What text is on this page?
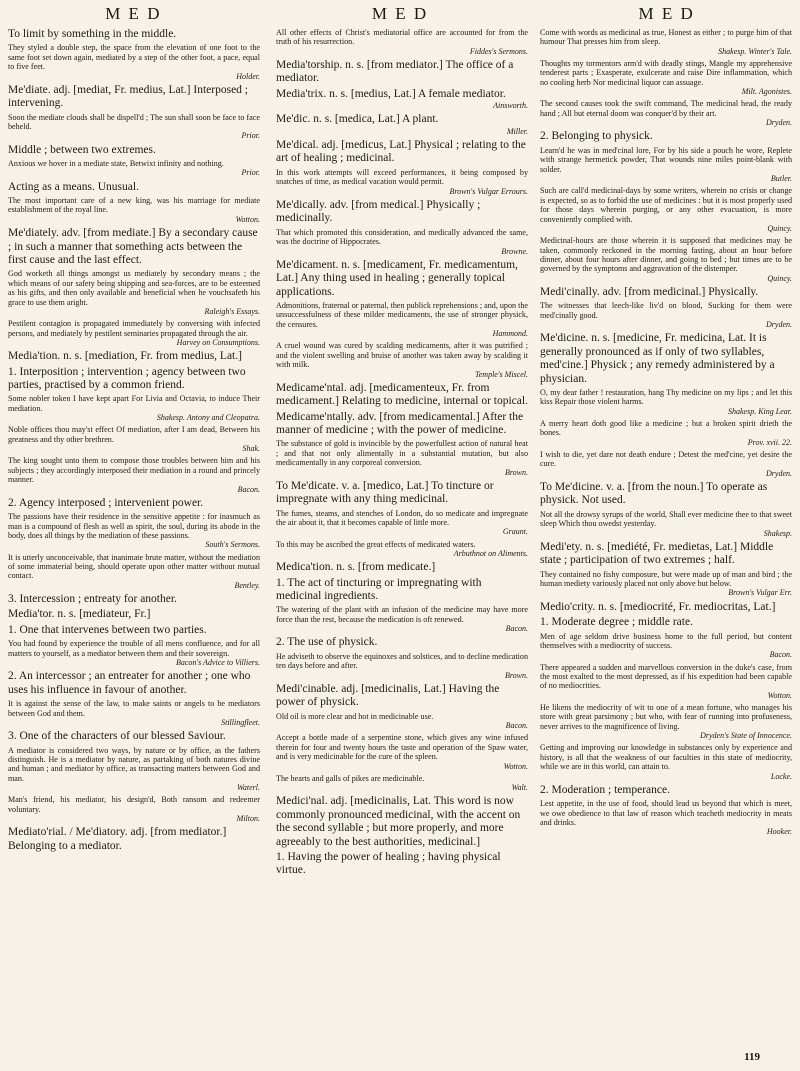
M E D	M E D	M E D

To limit by something in the middle.

They styled a double step, the space from the elevation of one foot to the same foot set down again, mediated by a step of the other foot, a pace, equal to five feet.

Holder.

Me'diate. adj. [mediat, Fr. medius, Lat.] Interposed ; intervening.

Soon the mediate clouds shall be dispell'd ; The sun shall soon be face to face beheld.

Prior.

Middle ; between two extremes.

Anxious we hover in a mediate state, Betwixt infinity and nothing.

Prior.

Acting as a means. Unusual.

The most important care of a new king, was his marriage for mediate establishment of the royal line.

Wotton.

Me'diately. adv. [from mediate.] By a secondary cause ; in such a manner that something acts between the first cause and the last effect.

God worketh all things amongst us mediately by secondary means ; the which means of our safety being shipping and sea-forces, are to be esteemed as his gifts, and then only available and beneficial when he vouchsafeth his grace to use them aright.

Raleigh's Essays.

Pestilent contagion is propagated immediately by conversing with infected persons, and mediately by pestilent seminaries propagated through the air.

Harvey on Consumptions.

Media'tion. n. s. [mediation, Fr. from medius, Lat.]

1. Interposition ; intervention ; agency between two parties, practised by a common friend.

Some nobler token I have kept apart For Livia and Octavia, to induce Their mediation.

Shakesp. Antony and Cleopatra.

Noble offices thou may'st effect Of mediation, after I am dead, Between his greatness and thy other brethren.

Shak.

The king sought unto them to compose those troubles between him and his subjects ; they accordingly interposed their mediation in a round and princely manner.

Bacon.

2. Agency interposed ; intervenient power.

The passions have their residence in the sensitive appetite : for inasmuch as man is a compound of flesh as well as spirit, the soul, during its abode in the body, does all things by the mediation of these passions.

South's Sermons.

It is utterly unconceivable, that inanimate brute matter, without the mediation of some immaterial being, should operate upon other matter without mutual contact.

Bentley.

3. Intercession ; entreaty for another.

Media'tor. n. s. [mediateur, Fr.]

1. One that intervenes between two parties.

You had found by experience the trouble of all mens confluence, and for all matters to yourself, as a mediator between them and their sovereign.

Bacon's Advice to Villiers.

2. An intercessor ; an entreater for another ; one who uses his influence in favour of another.

It is against the sense of the law, to make saints or angels to be mediators between God and them.

Stillingfleet.

3. One of the characters of our blessed Saviour.

A mediator is considered two ways, by nature or by office, as the fathers distinguish. He is a mediator by nature, as partaking of both natures divine and human ; and mediator by office, as transacting matters between God and man.

Waterl.

Man's friend, his mediator, his design'd, Both ransom and redeemer voluntary.

Milton.

Mediato'rial. / Me'diatory. adj. [from mediator.] Belonging to a mediator.

All other effects of Christ's mediatorial office are accounted for from the truth of his resurrection.

Fiddes's Sermons.

Media'torship. n. s. [from mediator.] The office of a mediator.

Media'trix. n. s. [medius, Lat.] A female mediator.

Ainsworth.

Me'dic. n. s. [medica, Lat.] A plant.

Miller.

Me'dical. adj. [medicus, Lat.] Physical ; relating to the art of healing ; medicinal.

In this work attempts will exceed performances, it being composed by snatches of time, as medical vacation would permit.

Brown's Vulgar Errours.

Me'dically. adv. [from medical.] Physically ; medicinally.

That which promoted this consideration, and medically advanced the same, was the doctrine of Hippocrates.

Browne.

Me'dicament. n. s. [medicament, Fr. medicamentum, Lat.] Any thing used in healing ; generally topical applications.

Admonitions, fraternal or paternal, then publick reprehensions ; and, upon the unsuccessfulness of these milder medicaments, the use of stronger physick, the censures.

Hammond.

A cruel wound was cured by scalding medicaments, after it was putrified ; and the violent swelling and bruise of another was taken away by scalding it with milk.

Temple's Miscel.

Medicame'ntal. adj. [medicamenteux, Fr. from medicament.] Relating to medicine, internal or topical.

Medicame'ntally. adv. [from medicamental.] After the manner of medicine ; with the power of medicine.

The substance of gold is invincible by the powerfullest action of natural heat ; and that not only alimentally in a substantial mutation, but also medicamentally in any corporeal conversion.

Brown.

To Me'dicate. v. a. [medico, Lat.] To tincture or impregnate with any thing medicinal.

The fumes, steams, and stenches of London, do so medicate and impregnate the air about it, that it becomes capable of little more.

Graunt.

To this may be ascribed the great effects of medicated waters.

Arbuthnot on Aliments.

Medica'tion. n. s. [from medicate.]

1. The act of tincturing or impregnating with medicinal ingredients.

The watering of the plant with an infusion of the medicine may have more force than the rest, because the medication is oft renewed.

Bacon.

2. The use of physick.

He adviseth to observe the equinoxes and solstices, and to decline medication ten days before and after.

Brown.

Medi'cinable. adj. [medicinalis, Lat.] Having the power of physick.

Old oil is more clear and hot in medicinable use.

Bacon.

Accept a bottle made of a serpentine stone, which gives any wine infused therein for four and twenty hours the taste and operation of the Spaw water, and is very medicinable for the cure of the spleen.

Wotton.

The hearts and galls of pikes are medicinable.

Walt.

Medici'nal. adj. [medicinalis, Lat. This word is now commonly pronounced medicinal, with the accent on the second syllable ; but more properly, and more agreeably to the best authorities, medicinal.]

1. Having the power of healing ; having physical virtue.

Come with words as medicinal as true, Honest as either ; to purge him of that humour That presses him from sleep.

Shakesp. Winter's Tale.

Thoughts my tormentors arm'd with deadly stings, Mangle my apprehensive tenderest parts ; Exasperate, exulcerate and raise Dire inflammation, which no cooling herb Nor medicinal liquor can assuage.

Milt. Agonistes.

The second causes took the swift command, The medicinal head, the ready hand ; All but eternal doom was conquer'd by their art.

Dryden.

2. Belonging to physick.

Learn'd he was in med'cinal lore, For by his side a pouch he wore, Replete with strange hermetick powder, That wounds nine miles point-blank with solder.

Butler.

Such are call'd medicinal-days by some writers, wherein no crisis or change is expected, so as to forbid the use of medicines : but it is most properly used for those days wherein purging, or any other evacuation, is more conveniently complied with.

Quincy.

Medicinal-hours are those wherein it is supposed that medicines may be taken, commonly reckoned in the morning fasting, about an hour before dinner, about four hours after dinner, and going to bed ; but times are to be governed by the symptoms and aggravation of the distemper.

Quincy.

Medi'cinally. adv. [from medicinal.] Physically.

The witnesses that leech-like liv'd on blood, Sucking for them were med'cinally good.

Dryden.

Me'dicine. n. s. [medicine, Fr. medicina, Lat. It is generally pronounced as if only of two syllables, med'cine.] Physick ; any remedy administered by a physician.

O, my dear father ! restauration, hang Thy medicine on my lips ; and let this kiss Repair those violent harms.

Shakesp. King Lear.

A merry heart doth good like a medicine ; but a broken spirit drieth the bones.

Prov. xvii. 22.

I wish to die, yet dare not death endure ; Detest the med'cine, yet desire the cure.

Dryden.

To Me'dicine. v. a. [from the noun.] To operate as physick. Not used.

Not all the drowsy syrups of the world, Shall ever medicine thee to that sweet sleep Which thou owedst yesterday.

Shakesp.

Medi'ety. n. s. [mediété, Fr. medietas, Lat.] Middle state ; participation of two extremes ; half.

They contained no fishy composure, but were made up of man and bird ; the human mediety variously placed not only above but below.

Brown's Vulgar Err.

Medio'crity. n. s. [mediocrité, Fr. mediocritas, Lat.]

1. Moderate degree ; middle rate.

Men of age seldom drive business home to the full period, but content themselves with a mediocrity of success.

Bacon.

There appeared a sudden and marvellous conversion in the duke's case, from the most exalted to the most depressed, as if his expedition had been capable of no mediocrities.

Wotton.

He likens the mediocrity of wit to one of a mean fortune, who manages his store with great parsimony ; but who, with fear of running into profuseness, never arrives to the magnificence of living.

Dryden's State of Innocence.

Getting and improving our knowledge in substances only by experience and history, is all that the weakness of our faculties in this state of mediocrity, while we are in this world, can attain to.

Locke.

2. Moderation ; temperance.

Lest appetite, in the use of food, should lead us beyond that which is meet, we owe obedience to that law of reason which teacheth mediocrity in meats and drinks.

Hooker.

119
